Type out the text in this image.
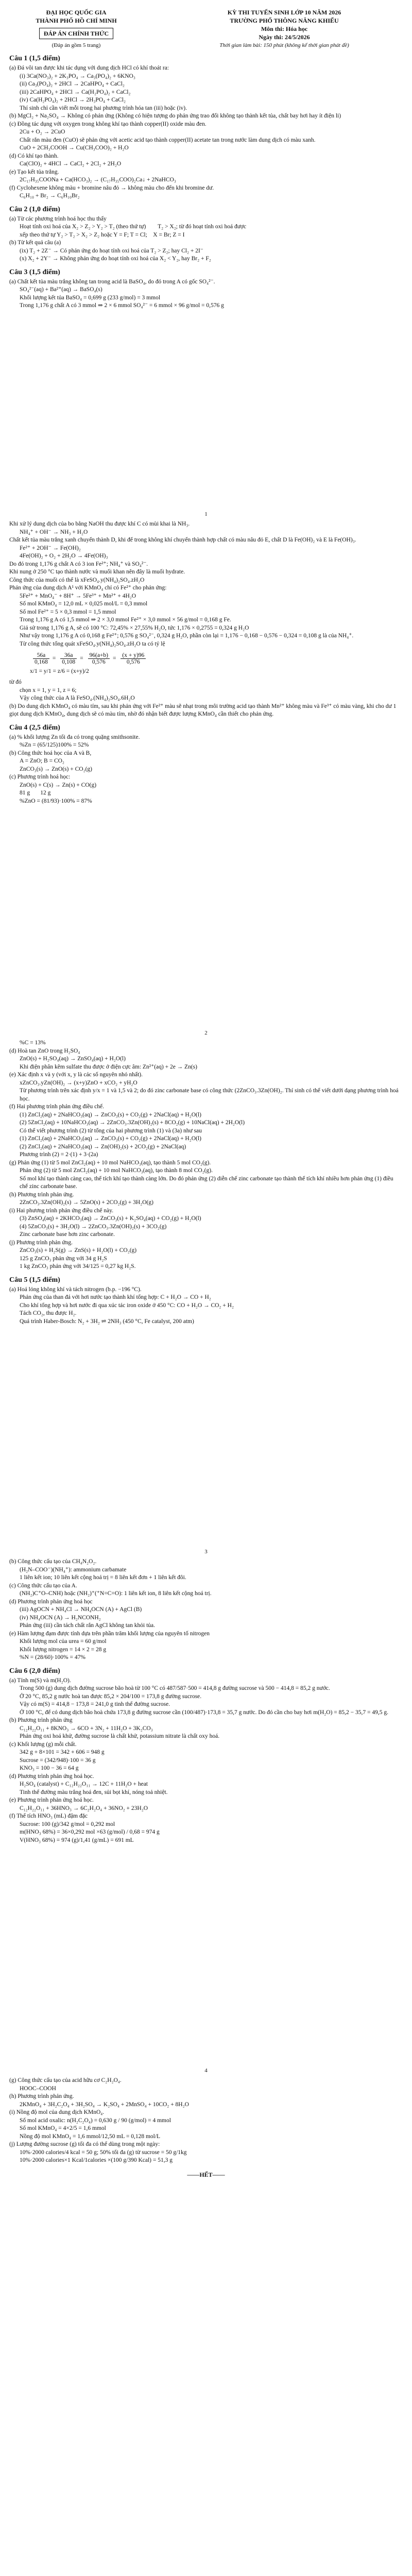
ĐẠI HỌC QUỐC GIA
THÀNH PHỐ HỒ CHÍ MINH
ĐÁP ÁN CHÍNH THỨC
(Đáp án gồm 5 trang)
KỲ THI TUYỂN SINH LỚP 10 NĂM 2026
TRƯỜNG PHỔ THÔNG NĂNG KHIẾU
Môn thi: Hóa học
Ngày thi: 24/5/2026
Thời gian làm bài: 150 phút (không kể thời gian phát đề)
Câu 1 (1,5 điểm)

(a) Đá vôi tan được khi tác dụng với dung dịch HCl có khí thoát ra:

(i) 3Ca(NO₃)₂ + 2K₃PO₄ → Ca₃(PO₄)₂ + 6KNO₃

(ii) Ca₃(PO₄)₂ + 2HCl → 2CaHPO₄ + CaCl₂

(iii) 2CaHPO₄ + 2HCl → Ca(H₂PO₄)₂ + CaCl₂

(iv) Ca(H₂PO₄)₂ + 2HCl → 2H₃PO₄ + CaCl₂

Thí sinh chỉ cần viết mỗi trong hai phương trình hóa tan (iii) hoặc (iv).

(b) MgCl₂ + Na₂SO₄ → Không có phản ứng (Không có hiện tượng do phản ứng trao đổi không tạo thành kết tủa, chất bay hơi hay ít điện li)

(c) Đồng tác dụng với oxygen trong không khí tạo thành copper(II) oxide màu đen.

2Cu + O₂ → 2CuO

Chất rắn màu đen (CuO) sẽ phản ứng với acetic acid tạo thành copper(II) acetate tan trong nước làm dung dịch có màu xanh.

CuO + 2CH₃COOH → Cu(CH₃COO)₂ + H₂O

(d) Có khí tạo thành.

Ca(ClO)₂ + 4HCl → CaCl₂ + 2Cl₂ + 2H₂O

(e) Tạo kết tủa trắng.

2C₁₇H₃₅COONa + Ca(HCO₃)₂ → (C₁₇H₃₅COO)₂Ca↓ + 2NaHCO₃

(f) Cyclohexene không màu + bromine nâu đỏ → không màu cho đến khi bromine dư.

C₆H₁₀ + Br₂ → C₆H₁₀Br₂

Câu 2 (1,0 điểm)

(a) Từ các phương trình hoá học thu thấy

Hoạt tính oxi hoá của X₂ > Z₂ > Y₂ > T₂ (theo thứ tự)        T₂ > X₂; từ đó hoạt tính oxi hoá được

xếp theo thứ tự Y₂ > T₂ > X₂ > Z₂ hoặc Y = F; T = Cl;    X = Br; Z = I

(b) Từ kết quả câu (a)

(ix) T₂ + 2Z⁻ → Có phản ứng do hoạt tính oxi hoá của T₂ > Z₂; hay Cl₂ + 2I⁻

(x) X₂ + 2Y⁻ → Không phản ứng do hoạt tính oxi hoá của X₂ < Y₂, hay Br₂ + F₂

Câu 3 (1,5 điểm)

(a) Chất kết tủa màu trắng không tan trong acid là BaSO₄, do đó trong A có gốc SO₄²⁻.

SO₄²⁻(aq) + Ba²⁺(aq) → BaSO₄(s)

Khối lượng kết tủa BaSO₄ = 0,699 g (233 g/mol) = 3 mmol

Trong 1,176 g chất A có 3 mmol ⇒ 2 × 6 mmol SO₄²⁻ = 6 mmol × 96 g/mol = 0,576 g

1

Khi xử lý dung dịch của bo bằng NaOH thu được khí C có mùi khai là NH₃.

NH₄⁺ + OH⁻ → NH₃ + H₂O

Chất kết tủa màu trắng xanh chuyển thành D, khi để trong không khí chuyển thành hợp chất có màu nâu đỏ E, chất D là Fe(OH)₂ và E là Fe(OH)₃.

Fe²⁺ + 2OH⁻ → Fe(OH)₂

4Fe(OH)₂ + O₂ + 2H₂O → 4Fe(OH)₃

Do đó trong 1,176 g chất A có 3 ion Fe²⁺; NH₄⁺ và SO₄²⁻.

Khi nung ở 250 °C tạo thành nước và muối khan nên đây là muối hydrate.

Công thức của muối có thể là xFeSO₄.y(NH₄)₂SO₄.zH₂O

Phản ứng của dung dịch A¹ với KMnO₄ chỉ có Fe²⁺ cho phản ứng:

5Fe²⁺ + MnO₄⁻ + 8H⁺ → 5Fe³⁺ + Mn²⁺ + 4H₂O

Số mol KMnO₄ = 12,0 mL × 0,025 mol/L = 0,3 mmol

Số mol Fe²⁺ = 5 × 0,3 mmol = 1,5 mmol

Trong 1,176 g A có 1,5 mmol ⇒ 2 × 3,0 mmol Fe²⁺ × 3,0 mmol × 56 g/mol = 0,168 g Fe.

Giả sử trong 1,176 g A, sẽ có 100 °C: 72,45% × 27,55% H₂O, tức 1,176 × 0,2755 = 0,324 g H₂O

Như vậy trong 1,176 g A có 0,168 g Fe²⁺; 0,576 g SO₄²⁻, 0,324 g H₂O, phần còn lại = 1,176 − 0,168 − 0,576 − 0,324 = 0,108 g là của NH₄⁺.

Từ công thức tổng quát xFeSO₄.y(NH₄)₂SO₄.zH₂O ta có tỷ lệ

$\frac{56a}{0,168} = \frac{36a}{0,108} = \frac{96(a+b)}{0,576} = \frac{(x + y)96}{0,576}$
x/1 = y/1 = z/6 = (x+y)/2

từ đó

chọn x = 1, y = 1, z = 6;

Vậy công thức của A là FeSO₄.(NH₄)₂SO₄.6H₂O

(b) Do dung dịch KMnO₄ có màu tím, sau khi phản ứng với Fe²⁺ màu sẽ nhạt trong môi trường acid tạo thành Mn²⁺ không màu và Fe³⁺ có màu vàng, khi cho dư 1 giọt dung dịch KMnO₄, dung dịch sẽ có màu tím, nhờ đó nhận biết được lượng KMnO₄ cần thiết cho phản ứng.

Câu 4 (2,5 điểm)

(a) % khối lượng Zn tối đa có trong quặng smithsonite.

%Zn = (65/125)100% = 52%

(b) Công thức hoá học của A và B,

A = ZnO; B = CO₂

ZnCO₃(s) → ZnO(s) + CO₂(g)

(c) Phương trình hoá học:

ZnO(s) + C(s) → Zn(s) + CO(g)

81 g       12 g

%ZnO = (81/93)·100% = 87%

2

%C = 13%

(d) Hoà tan ZnO trong H₂SO₄

ZnO(s) + H₂SO₄(aq) → ZnSO₄(aq) + H₂O(l)

Khi điện phân kẽm sulfate thu được ở điện cực âm: Zn²⁺(aq) + 2e → Zn(s)

(e) Xác định x và y (với x, y là các số nguyên nhỏ nhất).

xZnCO₃.yZn(OH)₂ → (x+y)ZnO + xCO₂ + yH₂O

Từ phương trình trên xác định y/x = 1 và 1,5 và 2; do đó zinc carbonate base có công thức (2ZnCO₃.3Zn(OH)₂. Thí sinh có thể viết dưới dạng phương trình hoá học.

(f) Hai phương trình phản ứng điều chế.

(1) ZnCl₂(aq) + 2NaHCO₃(aq) → ZnCO₃(s) + CO₂(g) + 2NaCl(aq) + H₂O(l)

(2) 5ZnCl₂(aq) + 10NaHCO₃(aq) → 2ZnCO₃.3Zn(OH)₂(s) + 8CO₂(g) + 10NaCl(aq) + 2H₂O(l)

Có thể viết phương trình (2) từ tổng của hai phương trình (1) và (3a) như sau

(1) ZnCl₂(aq) + 2NaHCO₃(aq) → ZnCO₃(s) + CO₂(g) + 2NaCl(aq) + H₂O(l)

(2) ZnCl₂(aq) + 2NaHCO₃(aq) → Zn(OH)₂(s) + 2CO₂(g) + 2NaCl(aq)

Phương trình (2) = 2·(1) + 3·(2a)

(g) Phản ứng (1) từ 5 mol ZnCl₂(aq) + 10 mol NaHCO₃(aq), tạo thành 5 mol CO₂(g).

Phản ứng (2) từ 5 mol ZnCl₂(aq) + 10 mol NaHCO₃(aq), tạo thành 8 mol CO₂(g).

Số mol khí tạo thành càng cao, thể tích khí tạo thành càng lớn. Do đó phản ứng (2) diễn chế zinc carbonate tạo thành thể tích khí nhiều hơn phản ứng (1) điều chế zinc carbonate base.

(h) Phương trình phản ứng.

2ZnCO₃.3Zn(OH)₂(s) → 5ZnO(s) + 2CO₂(g) + 3H₂O(g)

(i) Hai phương trình phản ứng điều chế này.

(3) ZnSO₄(aq) + 2KHCO₃(aq) → ZnCO₃(s) + K₂SO₄(aq) + CO₂(g) + H₂O(l)

(4) 5ZnCO₃(s) + 3H₂O(l) → 2ZnCO₃.3Zn(OH)₂(s) + 3CO₂(g)

Zinc carbonate base hơn zinc carbonate.

(j) Phương trình phản ứng.

ZnCO₃(s) + H₂S(g) → ZnS(s) + H₂O(l) + CO₂(g)

125 g ZnCO₃ phản ứng với 34 g H₂S

1 kg ZnCO₃ phản ứng với 34/125 = 0,27 kg H₂S.

Câu 5 (1,5 điểm)

(a) Hoá lỏng không khí và tách nitrogen (b.p. −196 °C).

Phản ứng của than đá với hơi nước tạo thành khí tổng hợp: C + H₂O → CO + H₂

Cho khí tổng hợp và hơi nước đi qua xúc tác iron oxide ở 450 °C: CO + H₂O → CO₂ + H₂

Tách CO₂, thu được H₂.

Quá trình Haber-Bosch: N₂ + 3H₂ ⇌ 2NH₃ (450 °C, Fe catalyst, 200 atm)

3

(b) Công thức cấu tạo của CH₄N₂O₂.

(H₂N–COO⁻)(NH₄⁺): ammonium carbamate

1 liên kết ion; 10 liên kết cộng hoá trị = 8 liên kết đơn + 1 liên kết đôi.

(c) Công thức cấu tạo của A.

(NH₂)C⁺O–CNH) hoặc (NH₂)⁺(⁺N=C=O): 1 liên kết ion, 8 liên kết cộng hoá trị.

(d) Phương trình phản ứng hoá học

(iii) AgOCN + NH₄Cl → NH₄OCN (A) + AgCl (B)

(iv) NH₄OCN (A) → H₂NCONH₂

Phản ứng (iii) cần tách chất rắn AgCl không tan khỏi tủa.

(e) Hàm lượng đạm được tính dựa trên phần trăm khối lượng của nguyên tố nitrogen

Khối lượng mol của urea = 60 g/mol

Khối lượng nitrogen = 14 × 2 = 28 g

%N = (28/60)·100% = 47%

Câu 6 (2,0 điểm)

(a) Tính m(S) và m(H₂O).

Trong 500 (g) dung dịch đường sucrose bão hoà từ 100 °C có 487/587·500 = 414,8 g đường sucrose và 500 − 414,8 = 85,2 g nước.

Ở 20 °C, 85,2 g nước hoà tan được 85,2 × 204/100 = 173,8 g đường sucrose.

Vậy có m(S) = 414,8 − 173,8 = 241,0 g tinh thể đường sucrose.

Ở 100 °C, để có dung dịch bão hoà chứa 173,8 g đường sucrose cần (100/487)·173,8 = 35,7 g nước. Do đó cần cho bay hơi m(H₂O) = 85,2 − 35,7 = 49,5 g.

(b) Phương trình phản ứng

C₁₂H₂₂O₁₁ + 8KNO₃ → 6CO + 3N₂ + 11H₂O + 3K₂CO₃

Phản ứng oxi hoá khử, đường sucrose là chất khử, potassium nitrate là chất oxy hoá.

(c) Khối lượng (g) mỗi chất.

342 g + 8×101 = 342 + 606 = 948 g

Sucrose = (342/948)·100 = 36 g

KNO₃ = 100 − 36 = 64 g

(d) Phương trình phản ứng hoá học.

H₂SO₄ (catalyst) + C₁₂H₂₂O₁₁ → 12C + 11H₂O + heat

Tinh thể đường màu trắng hoá đen, sủi bọt khí, nóng toả nhiệt.

(e) Phương trình phản ứng hoá học.

C₁₂H₂₂O₁₁ + 36HNO₃ → 6C₂H₂O₄ + 36NO₂ + 23H₂O

(f) Thể tích HNO₃ (mL) đậm đặc

Sucrose: 100 (g)/342 g/mol = 0,292 mol

m(HNO₃ 68%) = 36×0,292 mol ×63 (g/mol) / 0,68 = 974 g

V(HNO₃ 68%) = 974 (g)/1,41 (g/mL) = 691 mL

4

(g) Công thức cấu tạo của acid hữu cơ C₂H₂O₄.

HOOC–COOH

(h) Phương trình phản ứng.

2KMnO₄ + 3H₂C₂O₄ + 3H₂SO₄ → K₂SO₄ + 2MnSO₄ + 10CO₂ + 8H₂O

(i) Nồng độ mol của dung dịch KMnO₄.

Số mol acid oxalic: n(H₂C₂O₄) = 0,630 g / 90 (g/mol) = 4 mmol

Số mol KMnO₄ = 4×2/5 = 1,6 mmol

Nồng độ mol KMnO₄ = 1,6 mmol/12,50 mL = 0,128 mol/L

(j) Lượng đường sucrose (g) tối đa có thể dùng trong một ngày:

10%·2000 calories/4 kcal = 50 g; 50% tối đa (g) từ sucrose = 50 g/1kg

10%·2000 calories×1 Kcal/1calories ×(100 g/390 Kcal) = 51,3 g

——HẾT——
